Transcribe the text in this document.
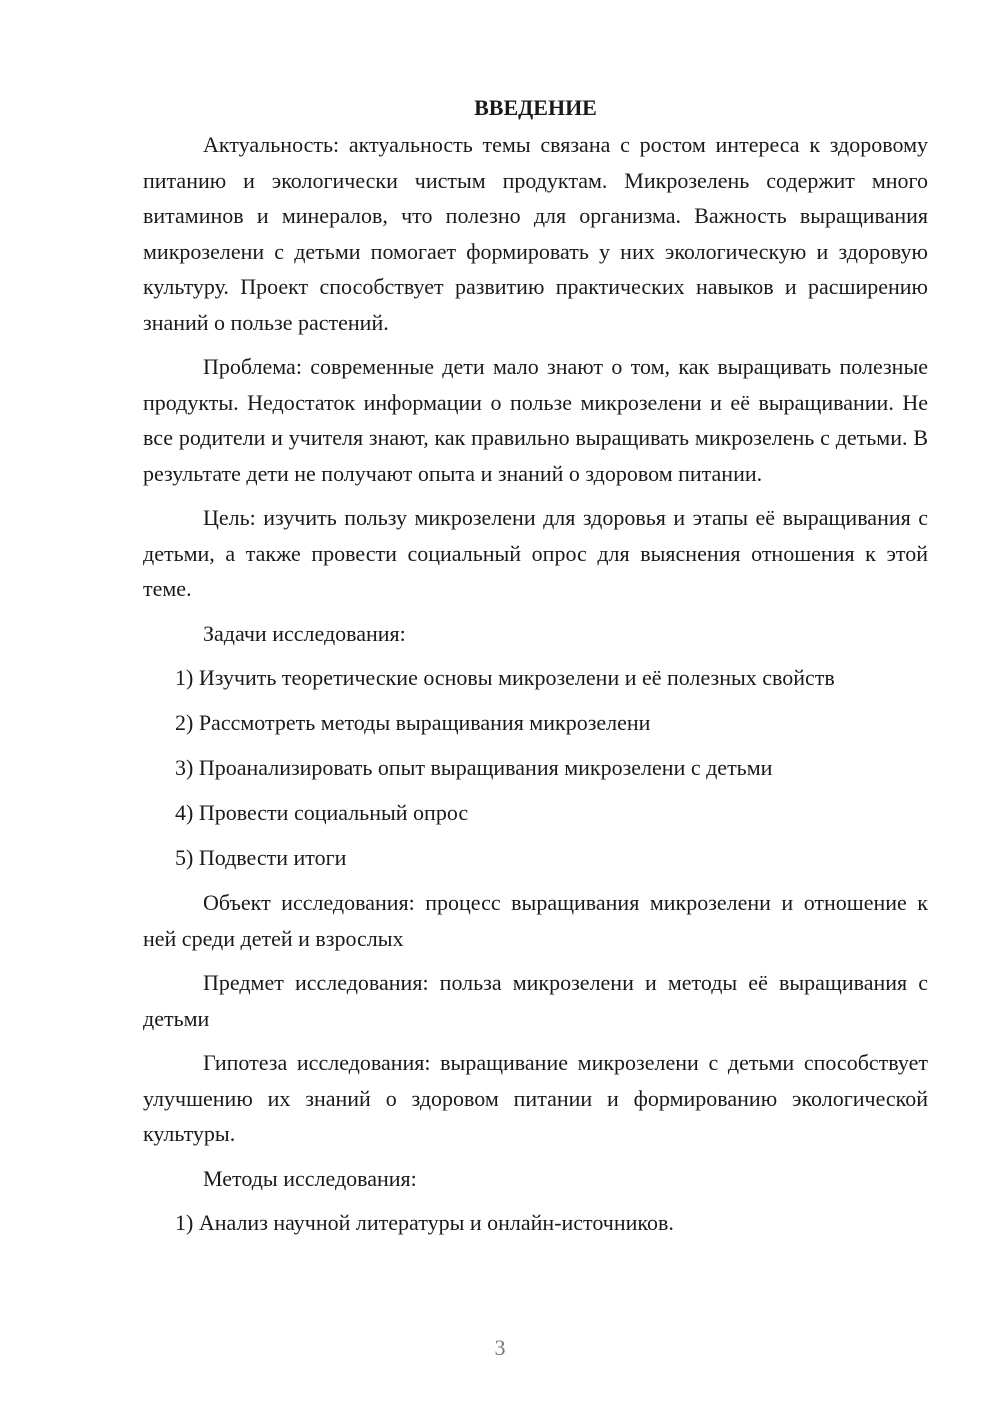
ВВЕДЕНИЕ

Актуальность: актуальность темы связана с ростом интереса к здоровому питанию и экологически чистым продуктам. Микрозелень содержит много витаминов и минералов, что полезно для организма. Важность выращивания микрозелени с детьми помогает формировать у них экологическую и здоровую культуру. Проект способствует развитию практических навыков и расширению знаний о пользе растений.

Проблема: современные дети мало знают о том, как выращивать полезные продукты. Недостаток информации о пользе микрозелени и её выращивании. Не все родители и учителя знают, как правильно выращивать микрозелень с детьми. В результате дети не получают опыта и знаний о здоровом питании.

Цель: изучить пользу микрозелени для здоровья и этапы её выращивания с детьми, а также провести социальный опрос для выяснения отношения к этой теме.

Задачи исследования:

1) Изучить теоретические основы микрозелени и её полезных свойств

2) Рассмотреть методы выращивания микрозелени

3) Проанализировать опыт выращивания микрозелени с детьми

4) Провести социальный опрос

5) Подвести итоги

Объект исследования: процесс выращивания микрозелени и отношение к ней среди детей и взрослых

Предмет исследования: польза микрозелени и методы её выращивания с детьми

Гипотеза исследования: выращивание микрозелени с детьми способствует улучшению их знаний о здоровом питании и формированию экологической культуры.

Методы исследования:

1) Анализ научной литературы и онлайн-источников.

3
